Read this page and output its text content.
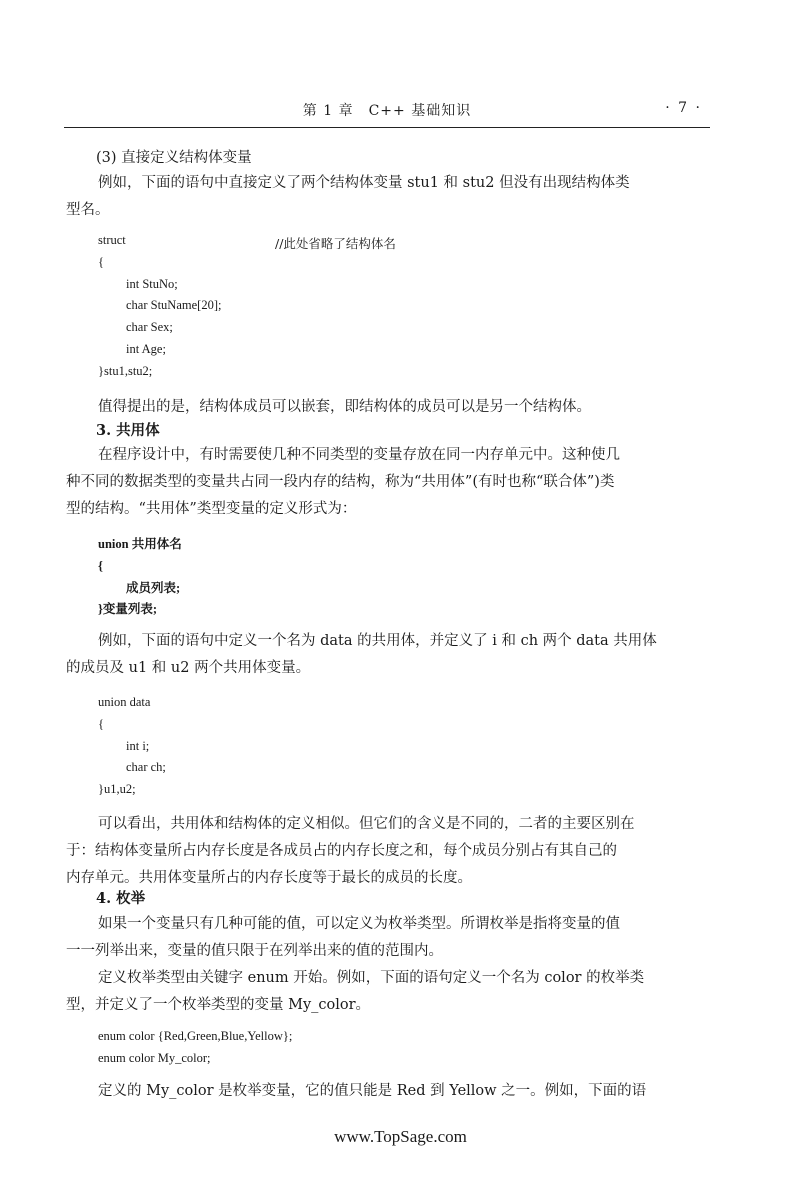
第 1 章　C++ 基础知识	· 7 ·
(3) 直接定义结构体变量
例如，下面的语句中直接定义了两个结构体变量 stu1 和 stu2 但没有出现结构体类
型名。
struct
{
int StuNo;
char StuName[20];
char Sex;
int Age;
}stu1,stu2;
//此处省略了结构体名
值得提出的是，结构体成员可以嵌套，即结构体的成员可以是另一个结构体。
3. 共用体
在程序设计中，有时需要使几种不同类型的变量存放在同一内存单元中。这种使几
种不同的数据类型的变量共占同一段内存的结构，称为“共用体”(有时也称“联合体”)类
型的结构。“共用体”类型变量的定义形式为：
union 共用体名
{
成员列表;
}变量列表;
例如，下面的语句中定义一个名为 data 的共用体，并定义了 i 和 ch 两个 data 共用体
的成员及 u1 和 u2 两个共用体变量。
union data
{
int i;
char ch;
}u1,u2;
可以看出，共用体和结构体的定义相似。但它们的含义是不同的，二者的主要区别在
于：结构体变量所占内存长度是各成员占的内存长度之和，每个成员分别占有其自己的
内存单元。共用体变量所占的内存长度等于最长的成员的长度。
4. 枚举
如果一个变量只有几种可能的值，可以定义为枚举类型。所谓枚举是指将变量的值
一一列举出来，变量的值只限于在列举出来的值的范围内。
定义枚举类型由关键字 enum 开始。例如，下面的语句定义一个名为 color 的枚举类
型，并定义了一个枚举类型的变量 My_color。
enum color {Red,Green,Blue,Yellow};
enum color My_color;
定义的 My_color 是枚举变量，它的值只能是 Red 到 Yellow 之一。例如，下面的语
www.TopSage.com
